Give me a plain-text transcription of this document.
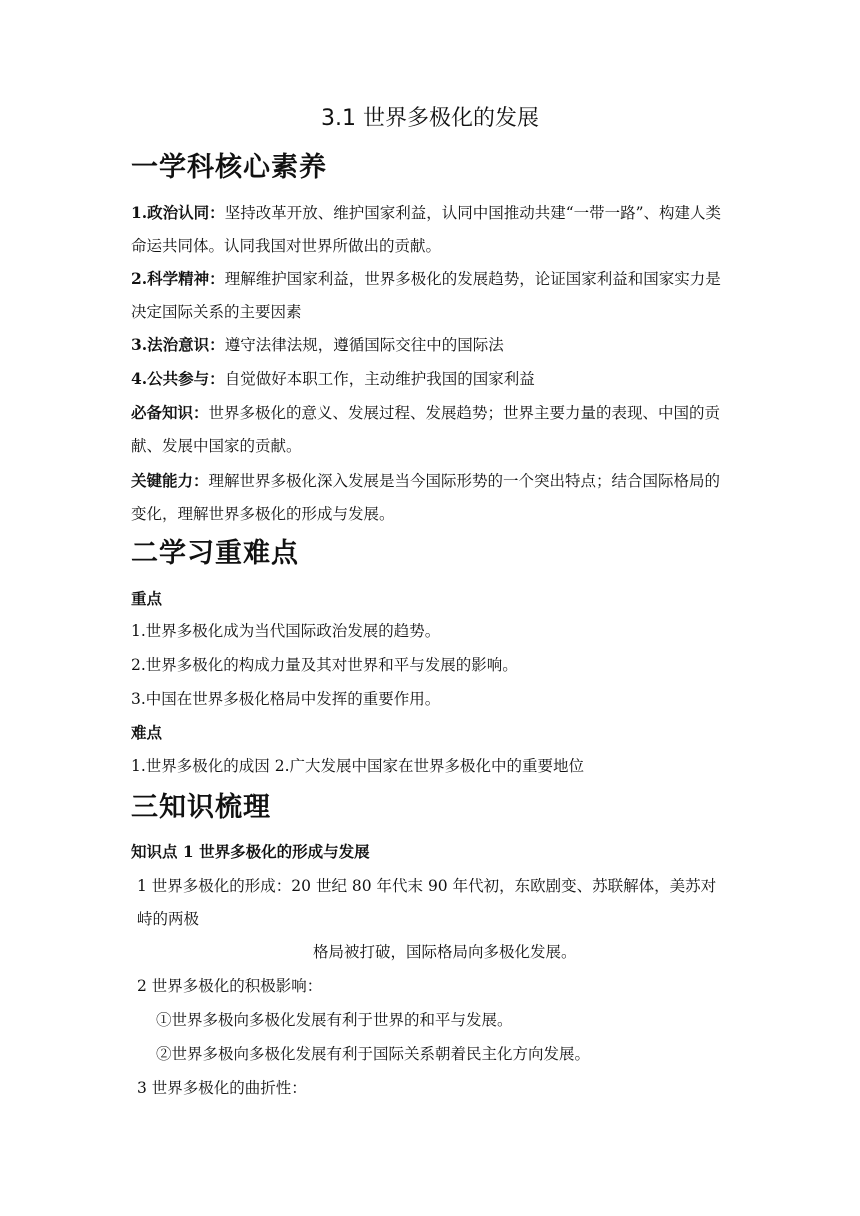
3.1 世界多极化的发展
一学科核心素养
1.政治认同：坚持改革开放、维护国家利益，认同中国推动共建“一带一路”、构建人类命运共同体。认同我国对世界所做出的贡献。
2.科学精神：理解维护国家利益，世界多极化的发展趋势，论证国家利益和国家实力是决定国际关系的主要因素
3.法治意识：遵守法律法规，遵循国际交往中的国际法
4.公共参与：自觉做好本职工作，主动维护我国的国家利益
必备知识：世界多极化的意义、发展过程、发展趋势；世界主要力量的表现、中国的贡献、发展中国家的贡献。
关键能力：理解世界多极化深入发展是当今国际形势的一个突出特点；结合国际格局的变化，理解世界多极化的形成与发展。
二学习重难点
重点
1.世界多极化成为当代国际政治发展的趋势。
2.世界多极化的构成力量及其对世界和平与发展的影响。
3.中国在世界多极化格局中发挥的重要作用。
难点
1.世界多极化的成因 2.广大发展中国家在世界多极化中的重要地位
三知识梳理
知识点 1 世界多极化的形成与发展
1 世界多极化的形成：20 世纪 80 年代末 90 年代初，东欧剧变、苏联解体，美苏对峙的两极
格局被打破，国际格局向多极化发展。
2 世界多极化的积极影响：
①世界多极向多极化发展有利于世界的和平与发展。
②世界多极向多极化发展有利于国际关系朝着民主化方向发展。
3 世界多极化的曲折性：
